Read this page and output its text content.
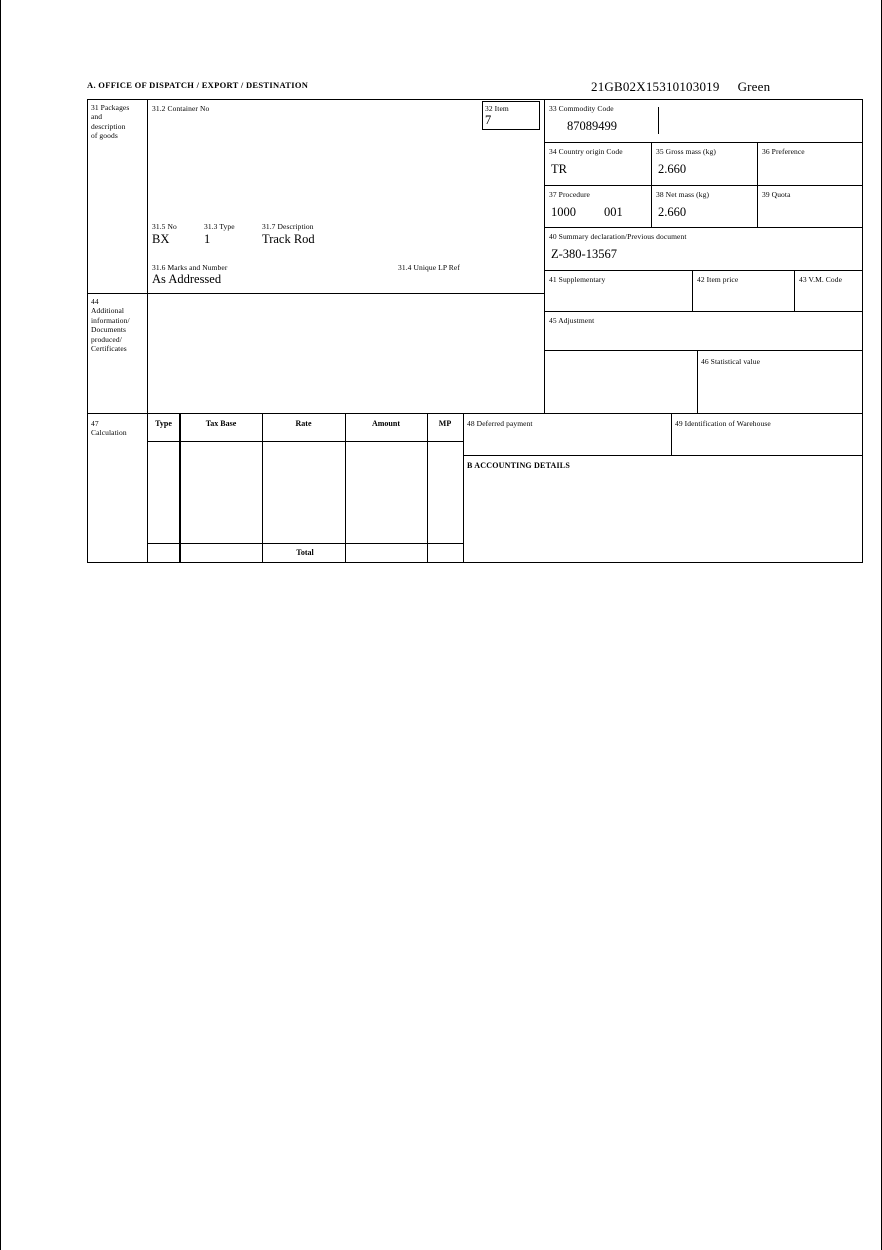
A. OFFICE OF DISPATCH / EXPORT / DESTINATION	21GB02X15310103019 Green
31 Packages
and
description
of goods
31.2 Container No
31.5 No	31.3 Type	31.7 Description
BX	1	Track Rod
31.6 Marks and Number	31.4 Unique LP Ref
As Addressed
32 Item
7
33 Commodity Code
87089499
34 Country origin Code
TR
35 Gross mass (kg)
2.660
36 Preference
37 Procedure
1000 001
38 Net mass (kg)
2.660
39 Quota
40 Summary declaration/Previous document
Z-380-13567
41 Supplementary	42 Item price	43 V.M. Code
45 Adjustment
46 Statistical value
44
Additional
information/
Documents
produced/
Certificates
47
Calculation
Type	Tax Base	Rate	Amount	MP
Total
48 Deferred payment	49 Identification of Warehouse
B ACCOUNTING DETAILS
